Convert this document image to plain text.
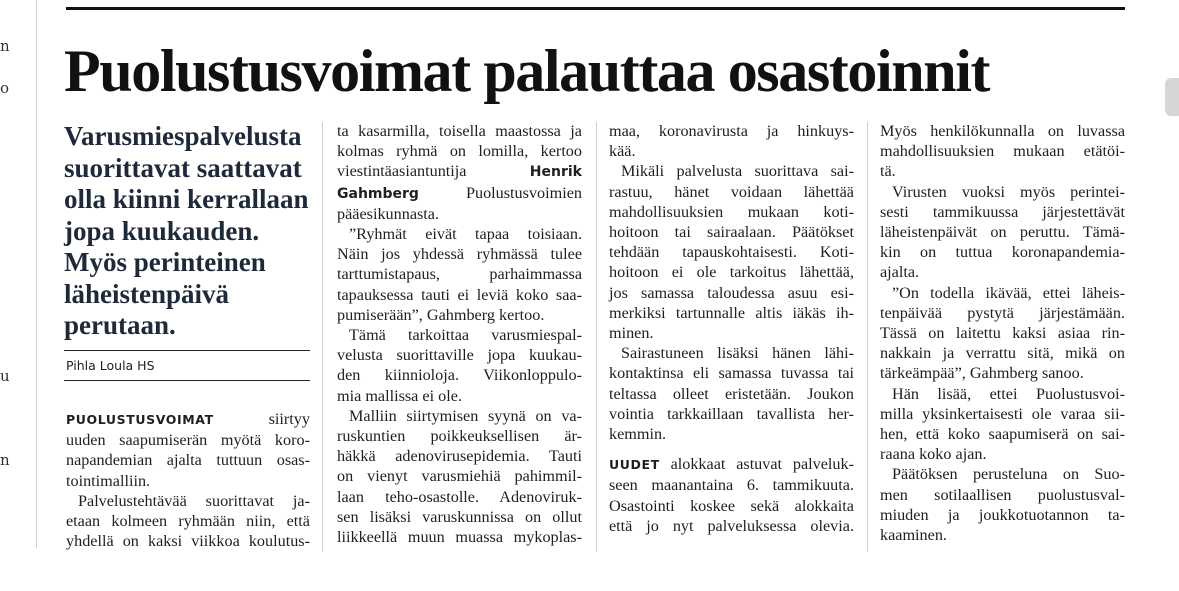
n
o
u
n
Puolustusvoimat palauttaa osastoinnit
Varusmiespalvelusta
suorittavat saattavat
olla kiinni kerrallaan
jopa kuukauden.
Myös perinteinen
läheistenpäivä
perutaan.
Pihla Loula HS
PUOLUSTUSVOIMAT	siirtyy
uuden saapumiserän myötä koro-
napandemian ajalta tuttuun osas-
tointimalliin.
Palvelustehtävää suorittavat ja-
etaan kolmeen ryhmään niin, että
yhdellä on kaksi viikkoa koulutus-
ta kasarmilla, toisella maastossa ja
kolmas ryhmä on lomilla, kertoo
viestintäasiantuntija	Henrik
Gahmberg	Puolustusvoimien
pääesikunnasta.
”Ryhmät eivät tapaa toisiaan.
Näin jos yhdessä ryhmässä tulee
tarttumistapaus, parhaimmassa
tapauksessa tauti ei leviä koko saa-
pumiserään”, Gahmberg kertoo.
Tämä tarkoittaa varusmiespal-
velusta suorittaville jopa kuukau-
den kiinnioloja. Viikonloppulo-
mia mallissa ei ole.
Malliin siirtymisen syynä on va-
ruskuntien poikkeuksellisen är-
häkkä adenovirusepidemia. Tauti
on vienyt varusmiehiä pahimmil-
laan teho-osastolle. Adenoviruk-
sen lisäksi varuskunnissa on ollut
liikkeellä muun muassa mykoplas-
maa, koronavirusta ja hinkuys-
kää.
Mikäli palvelusta suorittava sai-
rastuu, hänet voidaan lähettää
mahdollisuuksien mukaan koti-
hoitoon tai sairaalaan. Päätökset
tehdään tapauskohtaisesti. Koti-
hoitoon ei ole tarkoitus lähettää,
jos samassa taloudessa asuu esi-
merkiksi tartunnalle altis iäkäs ih-
minen.
Sairastuneen lisäksi hänen lähi-
kontaktinsa eli samassa tuvassa tai
teltassa olleet eristetään. Joukon
vointia tarkkaillaan tavallista her-
kemmin.
UUDET alokkaat astuvat palveluk-
seen maanantaina 6. tammikuuta.
Osastointi koskee sekä alokkaita
että jo nyt palveluksessa olevia.
Myös henkilökunnalla on luvassa
mahdollisuuksien mukaan etätöi-
tä.
Virusten vuoksi myös perintei-
sesti tammikuussa järjestettävät
läheistenpäivät on peruttu. Tämä-
kin on tuttua koronapandemia-
ajalta.
”On todella ikävää, ettei läheis-
tenpäivää pystytä järjestämään.
Tässä on laitettu kaksi asiaa rin-
nakkain ja verrattu sitä, mikä on
tärkeämpää”, Gahmberg sanoo.
Hän lisää, ettei Puolustusvoi-
milla yksinkertaisesti ole varaa sii-
hen, että koko saapumiserä on sai-
raana koko ajan.
Päätöksen perusteluna on Suo-
men sotilaallisen puolustusval-
miuden ja joukkotuotannon ta-
kaaminen.
